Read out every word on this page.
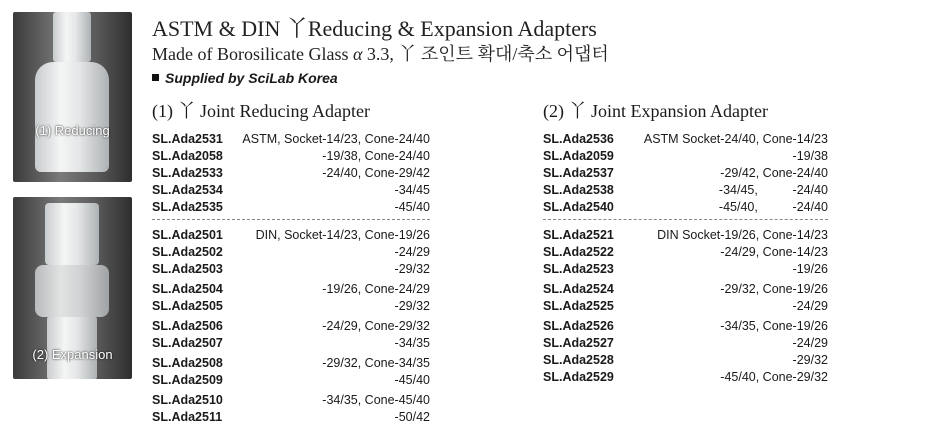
(1) Reducing
(2) Expansion
ASTM & DIN 丫Reducing & Expansion Adapters
Made of Borosilicate Glass α 3.3, 丫 조인트 확대/축소 어댑터
Supplied by SciLab Korea
(1) 丫 Joint Reducing Adapter	(2) 丫 Joint Expansion Adapter
SL.Ada2531	ASTM, Socket-14/23, Cone-24/40
SL.Ada2058	-19/38, Cone-24/40
SL.Ada2533	-24/40, Cone-29/42
SL.Ada2534	-34/45
SL.Ada2535	-45/40
SL.Ada2501	DIN, Socket-14/23, Cone-19/26
SL.Ada2502	-24/29
SL.Ada2503	-29/32
SL.Ada2504	-19/26, Cone-24/29
SL.Ada2505	-29/32
SL.Ada2506	-24/29, Cone-29/32
SL.Ada2507	-34/35
SL.Ada2508	-29/32, Cone-34/35
SL.Ada2509	-45/40
SL.Ada2510	-34/35, Cone-45/40
SL.Ada2511	-50/42
SL.Ada2536	ASTM Socket-24/40, Cone-14/23
SL.Ada2059	-19/38
SL.Ada2537	-29/42, Cone-24/40
SL.Ada2538	-34/45,          -24/40
SL.Ada2540	-45/40,          -24/40
SL.Ada2521	DIN Socket-19/26, Cone-14/23
SL.Ada2522	-24/29, Cone-14/23
SL.Ada2523	-19/26
SL.Ada2524	-29/32, Cone-19/26
SL.Ada2525	-24/29
SL.Ada2526	-34/35, Cone-19/26
SL.Ada2527	-24/29
SL.Ada2528	-29/32
SL.Ada2529	-45/40, Cone-29/32
